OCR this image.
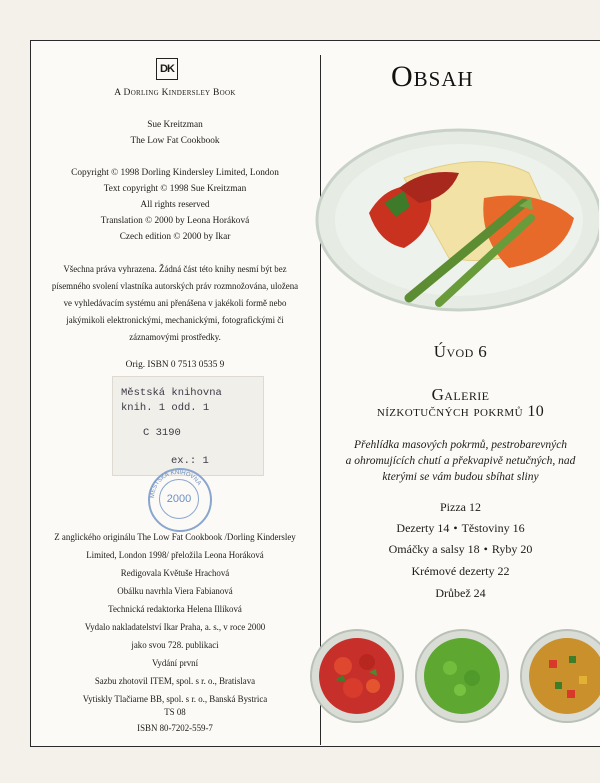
DK
A Dorling Kindersley Book
Sue Kreitzman
The Low Fat Cookbook
Copyright © 1998 Dorling Kindersley Limited, London
Text copyright © 1998 Sue Kreitzman
All rights reserved
Translation © 2000 by Leona Horáková
Czech edition © 2000 by Ikar
Všechna práva vyhrazena. Žádná část této knihy nesmí být bez
písemného svolení vlastníka autorských práv rozmnožována, uložena
ve vyhledávacím systému ani přenášena v jakékoli formě nebo
jakýmikoli elektronickými, mechanickými, fotografickými či
záznamovými prostředky.
Orig. ISBN 0 7513 0535 9
Městská knihovna
knih. 1 odd. 1
C 3190
ex.: 1
MĚSTSKÁ KNIHOVNA
2000
Z anglického originálu The Low Fat Cookbook /Dorling Kindersley
Limited, London 1998/ přeložila Leona Horáková
Redigovala Květuše Hrachová
Obálku navrhla Viera Fabianová
Technická redaktorka Helena Illíková
Vydalo nakladatelství Ikar Praha, a. s., v roce 2000
jako svou 728. publikaci
Vydání první
Sazbu zhotovil ITEM, spol. s r. o., Bratislava
Vytiskly Tlačiarne BB, spol. s r. o., Banská Bystrica
TS 08
ISBN 80-7202-559-7
Obsah
Úvod 6
Galerie
nízkotučných pokrmů 10
Přehlídka masových pokrmů, pestrobarevných
a ohromujících chutí a překvapivě netučných, nad
kterými se vám budou sbíhat sliny
Pizza 12
Dezerty 14 • Těstoviny 16
Omáčky a salsy 18 • Ryby 20
Krémové dezerty 22
Drůbež 24
